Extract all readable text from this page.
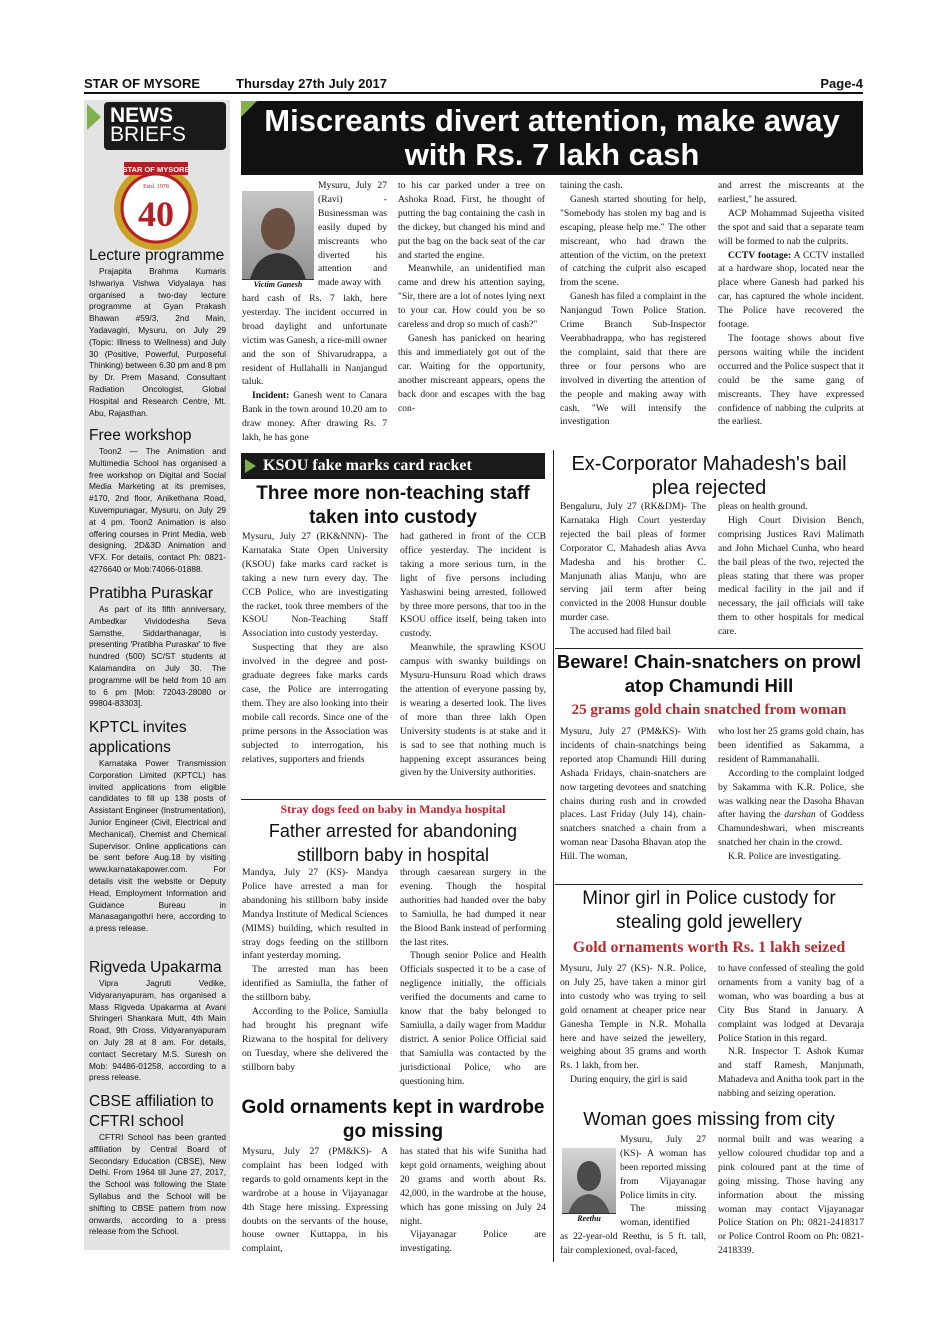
STAR OF MYSORE	Thursday 27th July 2017	Page-4
NEWS
BRIEFS
STAR OF MYSORE
Estd. 1978
40
Lecture programme

Prajapita Brahma Kumaris Ishwariya Vishwa Vidyalaya has organised a two-day lecture programme at Gyan Prakash Bhawan #59/3, 2nd Main, Yadavagiri, Mysuru, on July 29 (Topic: Illness to Wellness) and July 30 (Positive, Powerful, Purposeful Thinking) between 6.30 pm and 8 pm by Dr. Prem Masand, Consultant Radiation Oncologist, Global Hospital and Research Centre, Mt. Abu, Rajasthan.

Free workshop

Toon2 — The Animation and Multimedia School has organised a free workshop on Digital and Social Media Marketing at its premises, #170, 2nd floor, Anikethana Road, Kuvempunagar, Mysuru, on July 29 at 4 pm. Toon2 Animation is also offering courses in Print Media, web designing, 2D&3D Animation and VFX. For details, contact Ph: 0821-4276640 or Mob:74066-01888.

Pratibha Puraskar

As part of its fifth anniversary, Ambedkar Vividodesha Seva Samsthe, Siddarthanagar, is presenting 'Pratibha Puraskar' to five hundred (500) SC/ST students at Kalamandira on July 30. The programme will be held from 10 am to 6 pm [Mob: 72043-28080 or 99804-83303].

KPTCL invites applications

Karnataka Power Transmission Corporation Limited (KPTCL) has invited applications from eligible candidates to fill up 138 posts of Assistant Engineer (Instrumentation), Junior Engineer (Civil, Electrical and Mechanical), Chemist and Chemical Supervisor. Online applications can be sent before Aug.18 by visiting www.karnatakapower.com. For details visit the website or Deputy Head, Employment Information and Guidance Bureau in Manasagangothri here, according to a press release.

Rigveda Upakarma

Vipra Jagruti Vedike, Vidyaranyapuram, has organised a Mass Rigveda Upakarma at Avani Shringeri Shankara Mutt, 4th Main Road, 9th Cross, Vidyaranyapuram on July 28 at 8 am. For details, contact Secretary M.S. Suresh on Mob: 94486-01258, according to a press release.

CBSE affiliation to CFTRI school

CFTRI School has been granted affiliation by Central Board of Secondary Education (CBSE), New Delhi. From 1964 till June 27, 2017, the School was following the State Syllabus and the School will be shifting to CBSE pattern from now onwards, according to a press release from the School.

Miscreants divert attention, make away with Rs. 7 lakh cash
Victim Ganesh

Mysuru, July 27 (Ravi) - Businessman was easily duped by miscreants who diverted his attention and made away with

hard cash of Rs. 7 lakh, here yesterday. The incident occurred in broad daylight and unfortunate victim was Ganesh, a rice-mill owner and the son of Shivarudrappa, a resident of Hullahalli in Nanjangud taluk.

Incident: Ganesh went to Canara Bank in the town around 10.20 am to draw money. After drawing Rs. 7 lakh, he has gone

to his car parked under a tree on Ashoka Road. First, he thought of putting the bag containing the cash in the dickey, but changed his mind and put the bag on the back seat of the car and started the engine.

Meanwhile, an unidentified man came and drew his attention saying, "Sir, there are a lot of notes lying next to your car. How could you be so careless and drop so much of cash?"

Ganesh has panicked on hearing this and immediately got out of the car. Waiting for the opportunity, another miscreant appears, opens the back door and escapes with the bag con-

taining the cash.

Ganesh started shouting for help, "Somebody has stolen my bag and is escaping, please help me." The other miscreant, who had drawn the attention of the victim, on the pretext of catching the culprit also escaped from the scene.

Ganesh has filed a complaint in the Nanjangud Town Police Station. Crime Branch Sub-Inspector Veerabhadrappa, who has registered the complaint, said that there are three or four persons who are involved in diverting the attention of the people and making away with cash. "We will intensify the investigation

and arrest the miscreants at the earliest," he assured.

ACP Mohammad Sujeetha visited the spot and said that a separate team will be formed to nab the culprits.

CCTV footage: A CCTV installed at a hardware shop, located near the place where Ganesh had parked his car, has captured the whole incident. The Police have recovered the footage.

The footage shows about five persons waiting while the incident occurred and the Police suspect that it could be the same gang of miscreants. They have expressed confidence of nabbing the culprits at the earliest.

KSOU fake marks card racket
Three more non-teaching staff taken into custody

Mysuru, July 27 (RK&NNN)- The Karnataka State Open University (KSOU) fake marks card racket is taking a new turn every day. The CCB Police, who are investigating the racket, took three members of the KSOU Non-Teaching Staff Association into custody yesterday.

Suspecting that they are also involved in the degree and post-graduate degrees fake marks cards case, the Police are interrogating them. They are also looking into their mobile call records. Since one of the prime persons in the Association was subjected to interrogation, his relatives, supporters and friends

had gathered in front of the CCB office yesterday. The incident is taking a more serious turn, in the light of five persons including Yashaswini being arrested, followed by three more persons, that too in the KSOU office itself, being taken into custody.

Meanwhile, the sprawling KSOU campus with swanky buildings on Mysuru-Hunsuru Road which draws the attention of everyone passing by, is wearing a deserted look. The lives of more than three lakh Open University students is at stake and it is sad to see that nothing much is happening except assurances being given by the University authorities.

Stray dogs feed on baby in Mandya hospital
Father arrested for abandoning stillborn baby in hospital

Mandya, July 27 (KS)- Mandya Police have arrested a man for abandoning his stillborn baby inside Mandya Institute of Medical Sciences (MIMS) building, which resulted in stray dogs feeding on the stillborn infant yesterday morning.

The arrested man has been identified as Samiulla, the father of the stillborn baby.

According to the Police, Samiulla had brought his pregnant wife Rizwana to the hospital for delivery on Tuesday, where she delivered the stillborn baby

through caesarean surgery in the evening. Though the hospital authorities had handed over the baby to Samiulla, he had dumped it near the Blood Bank instead of performing the last rites.

Though senior Police and Health Officials suspected it to be a case of negligence initially, the officials verified the documents and came to know that the baby belonged to Samiulla, a daily wager from Maddur district. A senior Police Official said that Samiulla was contacted by the jurisdictional Police, who are questioning him.

Gold ornaments kept in wardrobe go missing

Mysuru, July 27 (PM&KS)- A complaint has been lodged with regards to gold ornaments kept in the wardrobe at a house in Vijayanagar 4th Stage here missing. Expressing doubts on the servants of the house, house owner Kuttappa, in his complaint,

has stated that his wife Sunitha had kept gold ornaments, weighing about 20 grams and worth about Rs. 42,000, in the wardrobe at the house, which has gone missing on July 24 night.

Vijayanagar Police are investigating.

Ex-Corporator Mahadesh's bail plea rejected

Bengaluru, July 27 (RK&DM)- The Karnataka High Court yesterday rejected the bail pleas of former Corporator C. Mahadesh alias Avva Madesha and his brother C. Manjunath alias Manju, who are serving jail term after being convicted in the 2008 Hunsur double murder case.

The accused had filed bail

pleas on health ground.

High Court Division Bench, comprising Justices Ravi Malimath and John Michael Cunha, who heard the bail pleas of the two, rejected the pleas stating that there was proper medical facility in the jail and if necessary, the jail officials will take them to other hospitals for medical care.

Beware! Chain-snatchers on prowl atop Chamundi Hill
25 grams gold chain snatched from woman

Mysuru, July 27 (PM&KS)- With incidents of chain-snatchings being reported atop Chamundi Hill during Ashada Fridays, chain-snatchers are now targeting devotees and snatching chains during rush and in crowded places. Last Friday (July 14), chain-snatchers snatched a chain from a woman near Dasoha Bhavan atop the Hill. The woman,

who lost her 25 grams gold chain, has been identified as Sakamma, a resident of Rammanahalli.

According to the complaint lodged by Sakamma with K.R. Police, she was walking near the Dasoha Bhavan after having the darshan of Goddess Chamundeshwari, when miscreants snatched her chain in the crowd.

K.R. Police are investigating.

Minor girl in Police custody for stealing gold jewellery
Gold ornaments worth Rs. 1 lakh seized

Mysuru, July 27 (KS)- N.R. Police, on July 25, have taken a minor girl into custody who was trying to sell gold ornament at cheaper price near Ganesha Temple in N.R. Mohalla here and have seized the jewellery, weighing about 35 grams and worth Rs. 1 lakh, from her.

During enquiry, the girl is said

to have confessed of stealing the gold ornaments from a vanity bag of a woman, who was boarding a bus at City Bus Stand in January. A complaint was lodged at Devaraja Police Station in this regard.

N.R. Inspector T. Ashok Kumar and staff Ramesh, Manjunath, Mahadeva and Anitha took part in the nabbing and seizing operation.

Woman goes missing from city
Reethu

Mysuru, July 27 (KS)- A woman has been reported missing from Vijayanagar Police limits in city.

The missing woman, identified

as 22-year-old Reethu, is 5 ft. tall, fair complexioned, oval-faced,

normal built and was wearing a yellow coloured chudidar top and a pink coloured pant at the time of going missing. Those having any information about the missing woman may contact Vijayanagar Police Station on Ph: 0821-2418317 or Police Control Room on Ph: 0821-2418339.
